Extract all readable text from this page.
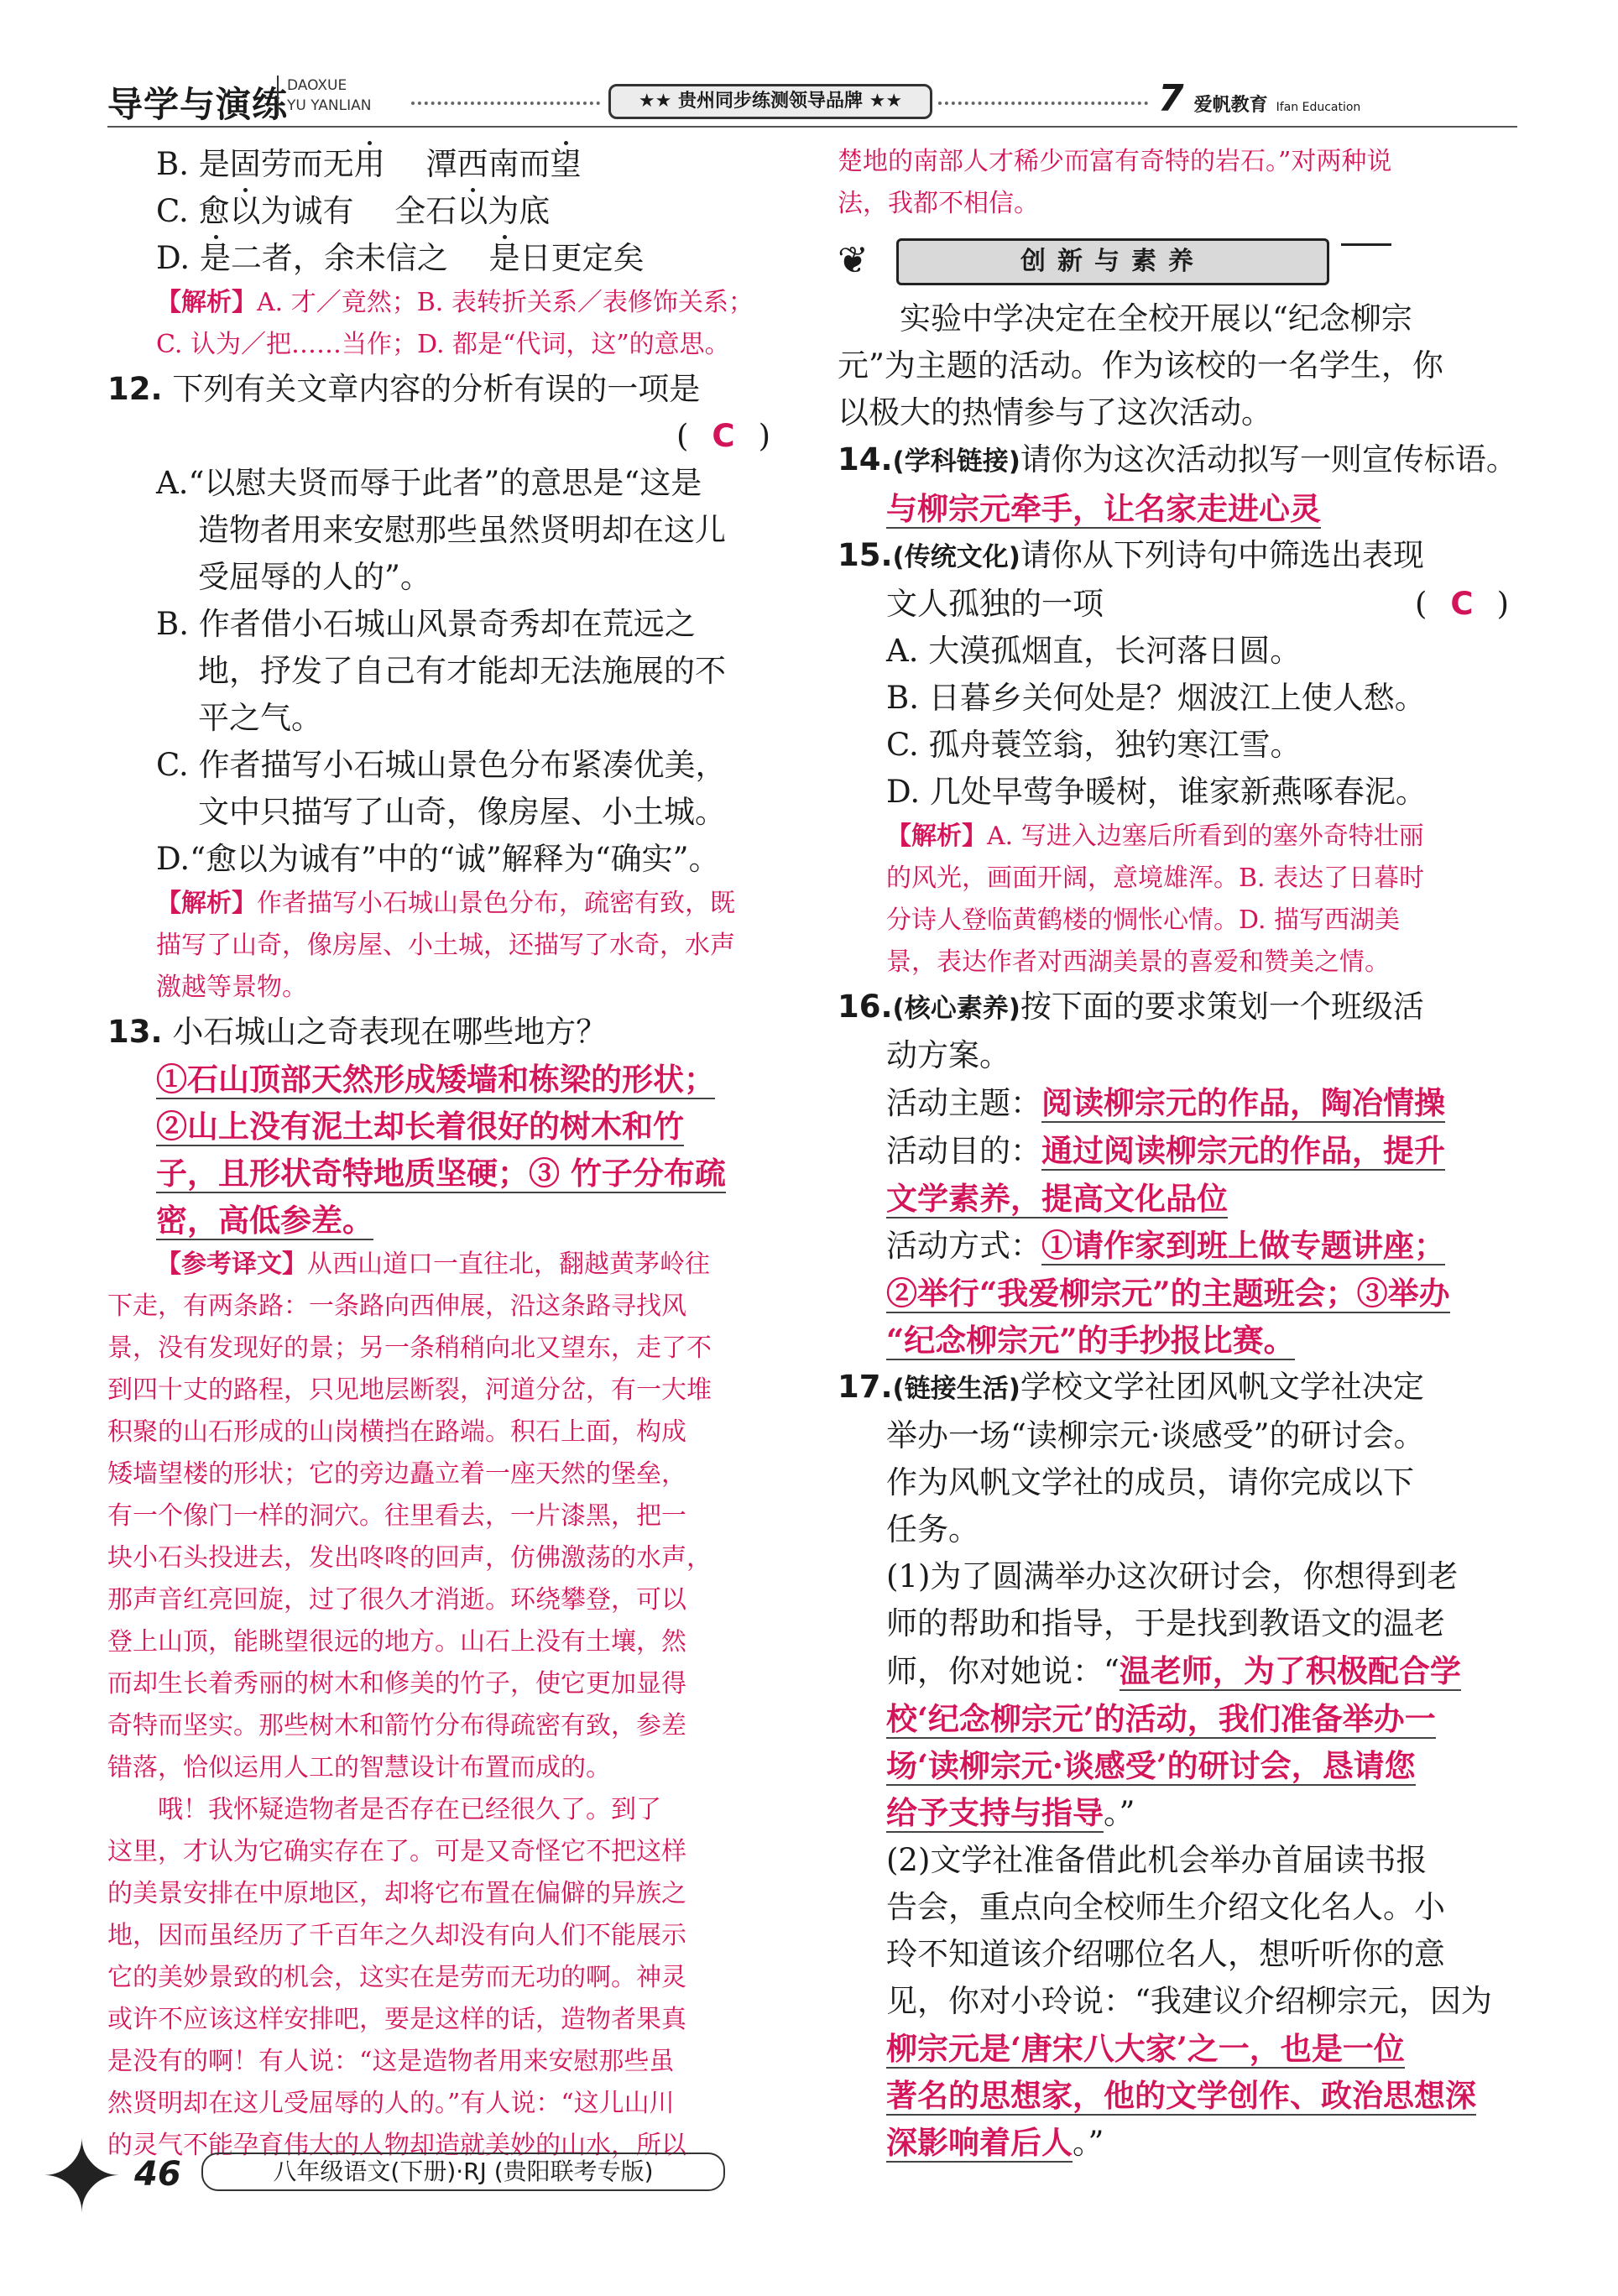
导学与演练
DAOXUE
YU YANLIAN	★★ 贵州同步练测领导品牌 ★★	7 爱帆教育 Ifan Education
B. 是固劳而无用　 潭西南而望
C. 愈以为诚有　 全石以为底
D. 是二者，余未信之　 是日更定矣
【解析】A. 才／竟然；B. 表转折关系／表修饰关系；
C. 认为／把……当作；D. 都是“代词，这”的意思。
12. 下列有关文章内容的分析有误的一项是
( C )
A.“以慰夫贤而辱于此者”的意思是“这是
造物者用来安慰那些虽然贤明却在这儿
受屈辱的人的”。
B. 作者借小石城山风景奇秀却在荒远之
地，抒发了自己有才能却无法施展的不
平之气。
C. 作者描写小石城山景色分布紧凑优美，
文中只描写了山奇，像房屋、小土城。
D.“愈以为诚有”中的“诚”解释为“确实”。
【解析】作者描写小石城山景色分布，疏密有致，既
描写了山奇，像房屋、小土城，还描写了水奇，水声
激越等景物。
13. 小石城山之奇表现在哪些地方？
①石山顶部天然形成矮墙和栋梁的形状；
②山上没有泥土却长着很好的树木和竹
子，且形状奇特地质坚硬；③ 竹子分布疏
密，高低参差。
【参考译文】从西山道口一直往北，翻越黄茅岭往
下走，有两条路：一条路向西伸展，沿这条路寻找风
景，没有发现好的景；另一条稍稍向北又望东，走了不
到四十丈的路程，只见地层断裂，河道分岔，有一大堆
积聚的山石形成的山岗横挡在路端。积石上面，构成
矮墙望楼的形状；它的旁边矗立着一座天然的堡垒，
有一个像门一样的洞穴。往里看去，一片漆黑，把一
块小石头投进去，发出咚咚的回声，仿佛激荡的水声，
那声音红亮回旋，过了很久才消逝。环绕攀登，可以
登上山顶，能眺望很远的地方。山石上没有土壤，然
而却生长着秀丽的树木和修美的竹子，使它更加显得
奇特而坚实。那些树木和箭竹分布得疏密有致，参差
错落，恰似运用人工的智慧设计布置而成的。
　　哦！我怀疑造物者是否存在已经很久了。到了
这里，才认为它确实存在了。可是又奇怪它不把这样
的美景安排在中原地区，却将它布置在偏僻的异族之
地，因而虽经历了千百年之久却没有向人们不能展示
它的美妙景致的机会，这实在是劳而无功的啊。神灵
或许不应该这样安排吧，要是这样的话，造物者果真
是没有的啊！有人说：“这是造物者用来安慰那些虽
然贤明却在这儿受屈辱的人的。”有人说：“这儿山川
的灵气不能孕育伟大的人物却造就美妙的山水，所以
楚地的南部人才稀少而富有奇特的岩石。”对两种说
法，我都不相信。
❦	创新与素养
　　实验中学决定在全校开展以“纪念柳宗
元”为主题的活动。作为该校的一名学生，你
以极大的热情参与了这次活动。
14.(学科链接)请你为这次活动拟写一则宣传标语。
与柳宗元牵手，让名家走进心灵
15.(传统文化)请你从下列诗句中筛选出表现
文人孤独的一项	( C )
A. 大漠孤烟直，长河落日圆。
B. 日暮乡关何处是？烟波江上使人愁。
C. 孤舟蓑笠翁，独钓寒江雪。
D. 几处早莺争暖树，谁家新燕啄春泥。
【解析】A. 写进入边塞后所看到的塞外奇特壮丽
的风光，画面开阔，意境雄浑。B. 表达了日暮时
分诗人登临黄鹤楼的惆怅心情。D. 描写西湖美
景，表达作者对西湖美景的喜爱和赞美之情。
16.(核心素养)按下面的要求策划一个班级活
动方案。
活动主题：阅读柳宗元的作品，陶冶情操
活动目的：通过阅读柳宗元的作品，提升
文学素养，提高文化品位
活动方式：①请作家到班上做专题讲座；
②举行“我爱柳宗元”的主题班会；③举办
“纪念柳宗元”的手抄报比赛。
17.(链接生活)学校文学社团风帆文学社决定
举办一场“读柳宗元·谈感受”的研讨会。
作为风帆文学社的成员，请你完成以下
任务。
(1)为了圆满举办这次研讨会，你想得到老
师的帮助和指导，于是找到教语文的温老
师，你对她说：“温老师，为了积极配合学
校‘纪念柳宗元’的活动，我们准备举办一
场‘读柳宗元·谈感受’的研讨会，恳请您
给予支持与指导。”
(2)文学社准备借此机会举办首届读书报
告会，重点向全校师生介绍文化名人。小
玲不知道该介绍哪位名人，想听听你的意
见，你对小玲说：“我建议介绍柳宗元，因为
柳宗元是‘唐宋八大家’之一，也是一位
著名的思想家，他的文学创作、政治思想深
深影响着后人。”
✦ 46	八年级语文(下册)·RJ (贵阳联考专版)
